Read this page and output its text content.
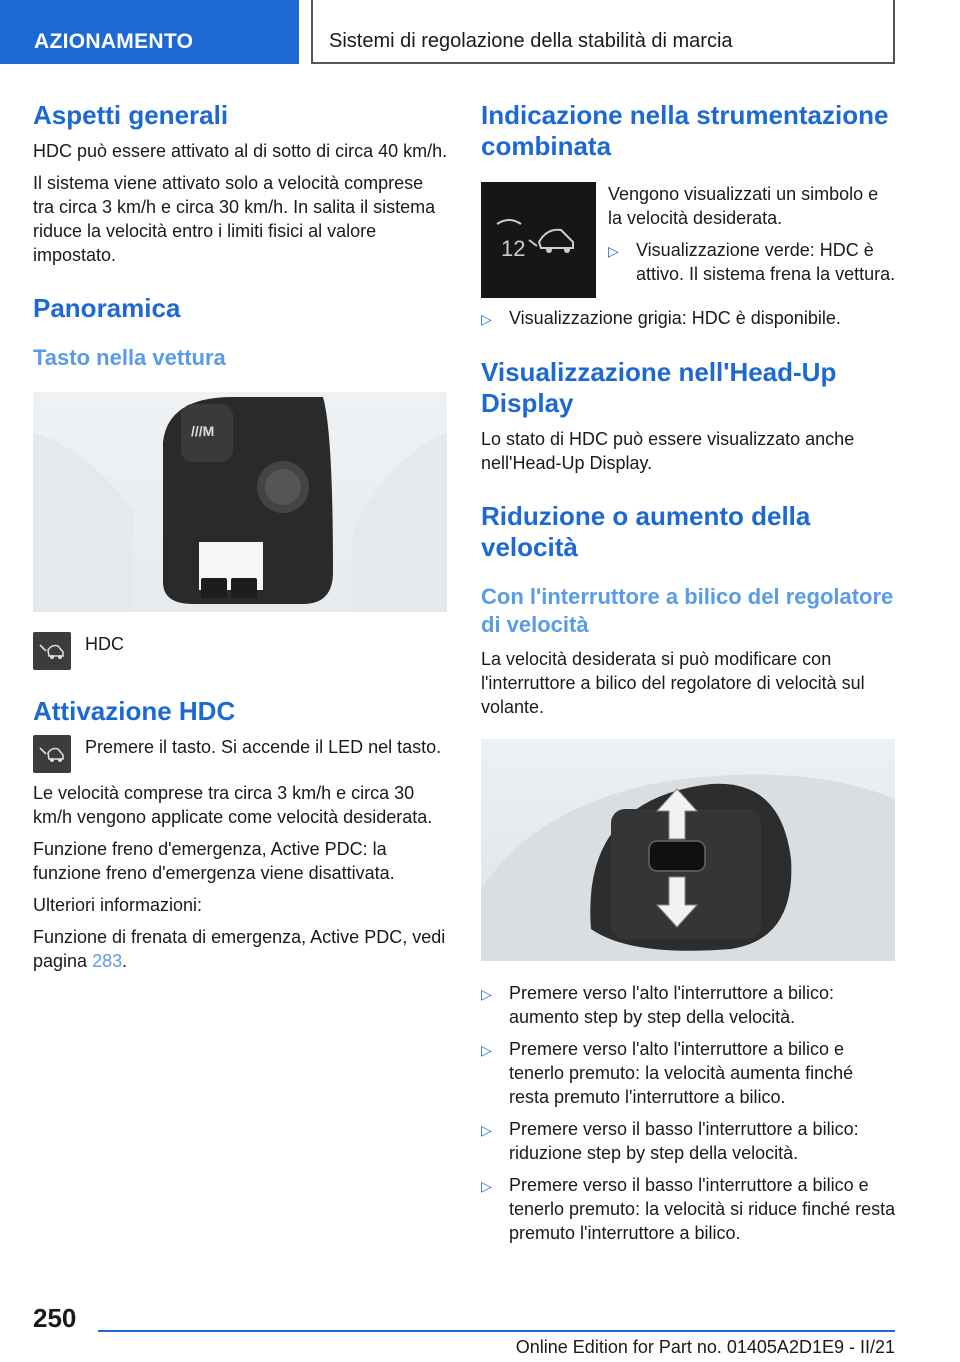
AZIONAMENTO	Sistemi di regolazione della stabilità di marcia
Aspetti generali

HDC può essere attivato al di sotto di circa 40 km/h.

Il sistema viene attivato solo a velocità comprese tra circa 3 km/h e circa 30 km/h. In salita il sistema riduce la velocità entro i limiti fisici al valore impostato.

Panoramica
Tasto nella vettura
///M
HDC
Attivazione HDC
Premere il tasto. Si accende il LED nel tasto.

Le velocità comprese tra circa 3 km/h e circa 30 km/h vengono applicate come velocità desiderata.

Funzione freno d'emergenza, Active PDC: la funzione freno d'emergenza viene disattivata.

Ulteriori informazioni:

Funzione di frenata di emergenza, Active PDC, vedi pagina 283.

Indicazione nella strumentazione combinata
12

Vengono visualizzati un simbolo e la velocità desiderata.

▷ Visualizzazione verde: HDC è attivo. Il sistema frena la vettura.
▷ Visualizzazione grigia: HDC è disponibile.
Visualizzazione nell'Head-Up Display

Lo stato di HDC può essere visualizzato anche nell'Head-Up Display.

Riduzione o aumento della velocità
Con l'interruttore a bilico del regolatore di velocità

La velocità desiderata si può modificare con l'interruttore a bilico del regolatore di velocità sul volante.

▷ Premere verso l'alto l'interruttore a bilico: aumento step by step della velocità.
▷ Premere verso l'alto l'interruttore a bilico e tenerlo premuto: la velocità aumenta finché resta premuto l'interruttore a bilico.
▷ Premere verso il basso l'interruttore a bilico: riduzione step by step della velocità.
▷ Premere verso il basso l'interruttore a bilico e tenerlo premuto: la velocità si riduce finché resta premuto l'interruttore a bilico.
250
Online Edition for Part no. 01405A2D1E9 - II/21
